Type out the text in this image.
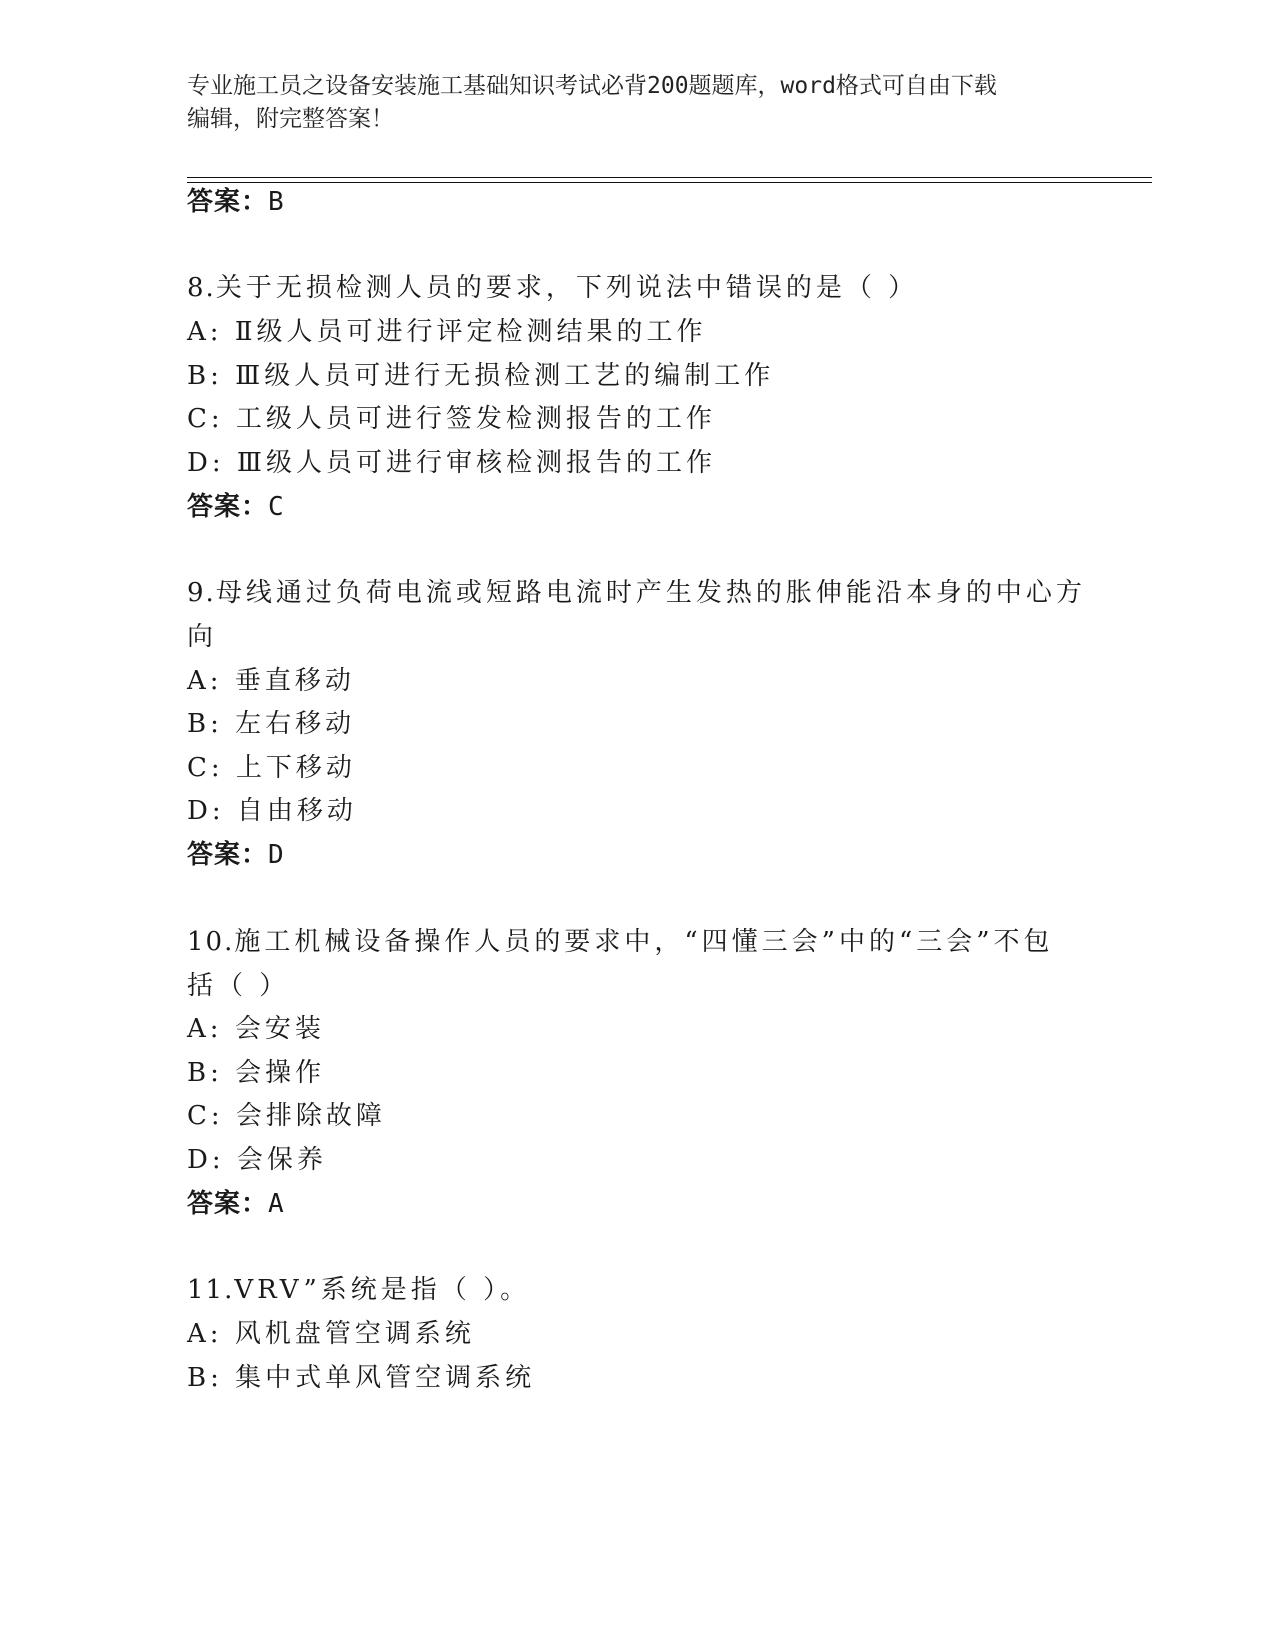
专业施工员之设备安装施工基础知识考试必背200题题库，word格式可自由下载
编辑，附完整答案！
答案：B
8.关于无损检测人员的要求，下列说法中错误的是（ ）
A: Ⅱ级人员可进行评定检测结果的工作
B: Ⅲ级人员可进行无损检测工艺的编制工作
C: 工级人员可进行签发检测报告的工作
D: Ⅲ级人员可进行审核检测报告的工作
答案：C
9.母线通过负荷电流或短路电流时产生发热的胀伸能沿本身的中心方
向
A: 垂直移动
B: 左右移动
C: 上下移动
D: 自由移动
答案：D
10.施工机械设备操作人员的要求中，“四懂三会”中的“三会”不包
括（ ）
A: 会安装
B: 会操作
C: 会排除故障
D: 会保养
答案：A
11.VRV”系统是指（ ）。
A: 风机盘管空调系统
B: 集中式单风管空调系统
